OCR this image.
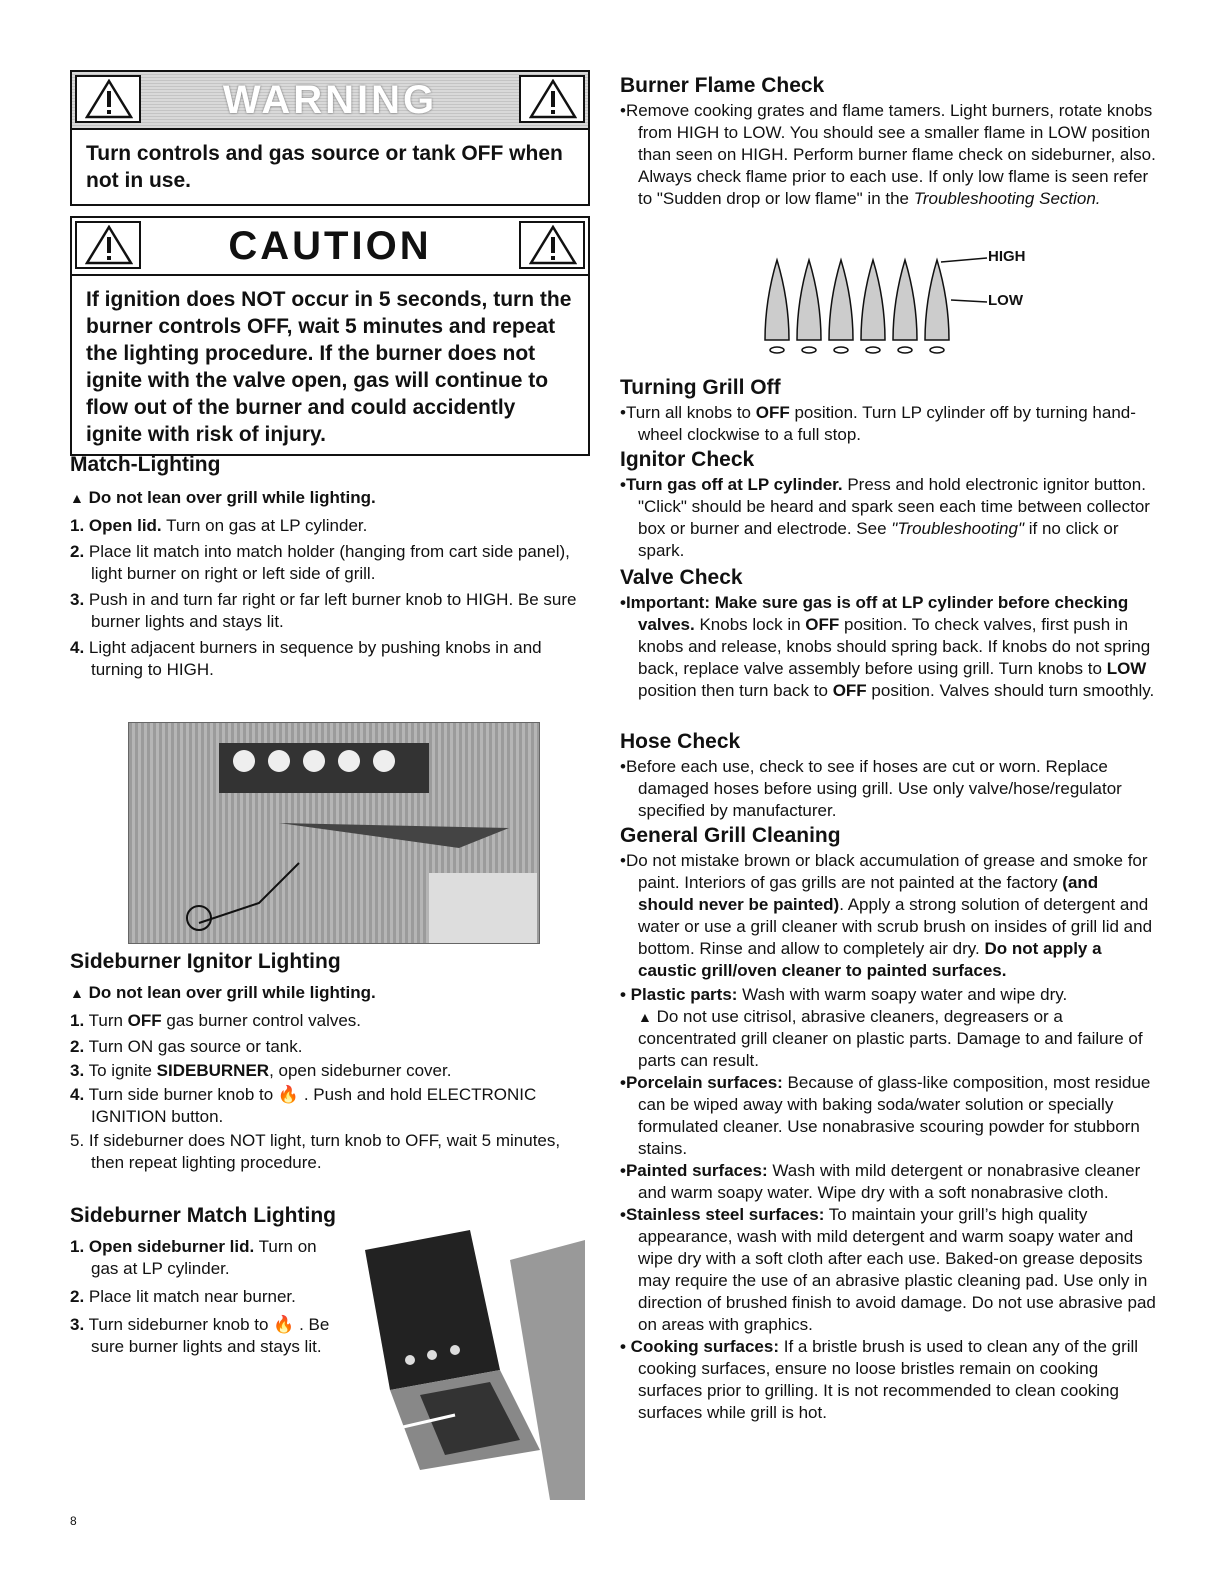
WARNING
Turn controls and gas source or tank OFF when not in use.
CAUTION
If ignition does NOT occur in 5 seconds, turn the burner controls OFF, wait 5 minutes and repeat the lighting procedure. If the burner does not ignite with the valve open, gas will continue to flow out of the burner and could accidently ignite with risk of injury.
Match-Lighting
▲ Do not lean over grill while lighting.
1. Open lid. Turn on gas at LP cylinder.
2. Place lit match into match holder (hanging from cart side panel), light burner on right or left side of grill.
3. Push in and turn far right or far left burner knob to HIGH. Be sure burner lights and stays lit.
4. Light adjacent burners in sequence by pushing knobs in and turning to HIGH.
Sideburner Ignitor Lighting
▲ Do not lean over grill while lighting.
1. Turn OFF gas burner control valves.
2. Turn ON gas source or tank.
3. To ignite SIDEBURNER, open sideburner cover.
4. Turn side burner knob to 🔥 . Push and hold ELECTRONIC IGNITION button.
5. If sideburner does NOT light, turn knob to OFF, wait 5 minutes, then repeat lighting procedure.
Sideburner Match Lighting
1. Open sideburner lid. Turn on gas at LP cylinder.
2. Place lit match near burner.
3. Turn sideburner knob to 🔥 . Be sure burner lights and stays lit.
8
Burner Flame Check
•Remove cooking grates and flame tamers. Light burners, rotate knobs from HIGH to LOW. You should see a smaller flame in LOW position than seen on HIGH. Perform burner flame check on sideburner, also. Always check flame prior to each use. If only low flame is seen refer to "Sudden drop or low flame" in the Troubleshooting Section.
HIGH
LOW
Turning Grill Off
•Turn all knobs to OFF position. Turn LP cylinder off by turning hand-wheel clockwise to a full stop.
Ignitor Check
•Turn gas off at LP cylinder. Press and hold electronic ignitor button. "Click" should be heard and spark seen each time between collector box or burner and electrode. See "Troubleshooting" if no click or spark.
Valve Check
•Important: Make sure gas is off at LP cylinder before checking valves. Knobs lock in OFF position. To check valves, first push in knobs and release, knobs should spring back. If knobs do not spring back, replace valve assembly before using grill. Turn knobs to LOW position then turn back to OFF position. Valves should turn smoothly.
Hose Check
•Before each use, check to see if hoses are cut or worn. Replace damaged hoses before using grill. Use only valve/hose/regulator specified by manufacturer.
General Grill Cleaning
•Do not mistake brown or black accumulation of grease and smoke for paint. Interiors of gas grills are not painted at the factory (and should never be painted). Apply a strong solution of detergent and water or use a grill cleaner with scrub brush on insides of grill lid and bottom. Rinse and allow to completely air dry. Do not apply a caustic grill/oven cleaner to painted surfaces.
• Plastic parts: Wash with warm soapy water and wipe dry.
▲ Do not use citrisol, abrasive cleaners, degreasers or a concentrated grill cleaner on plastic parts. Damage to and failure of parts can result.
•Porcelain surfaces: Because of glass-like composition, most residue can be wiped away with baking soda/water solution or specially formulated cleaner. Use nonabrasive scouring powder for stubborn stains.
•Painted surfaces: Wash with mild detergent or nonabrasive cleaner and warm soapy water. Wipe dry with a soft nonabrasive cloth.
•Stainless steel surfaces: To maintain your grill’s high quality appearance, wash with mild detergent and warm soapy water and wipe dry with a soft cloth after each use. Baked-on grease deposits may require the use of an abrasive plastic cleaning pad. Use only in direction of brushed finish to avoid damage. Do not use abrasive pad on areas with graphics.
• Cooking surfaces: If a bristle brush is used to clean any of the grill cooking surfaces, ensure no loose bristles remain on cooking surfaces prior to grilling. It is not recommended to clean cooking surfaces while grill is hot.
